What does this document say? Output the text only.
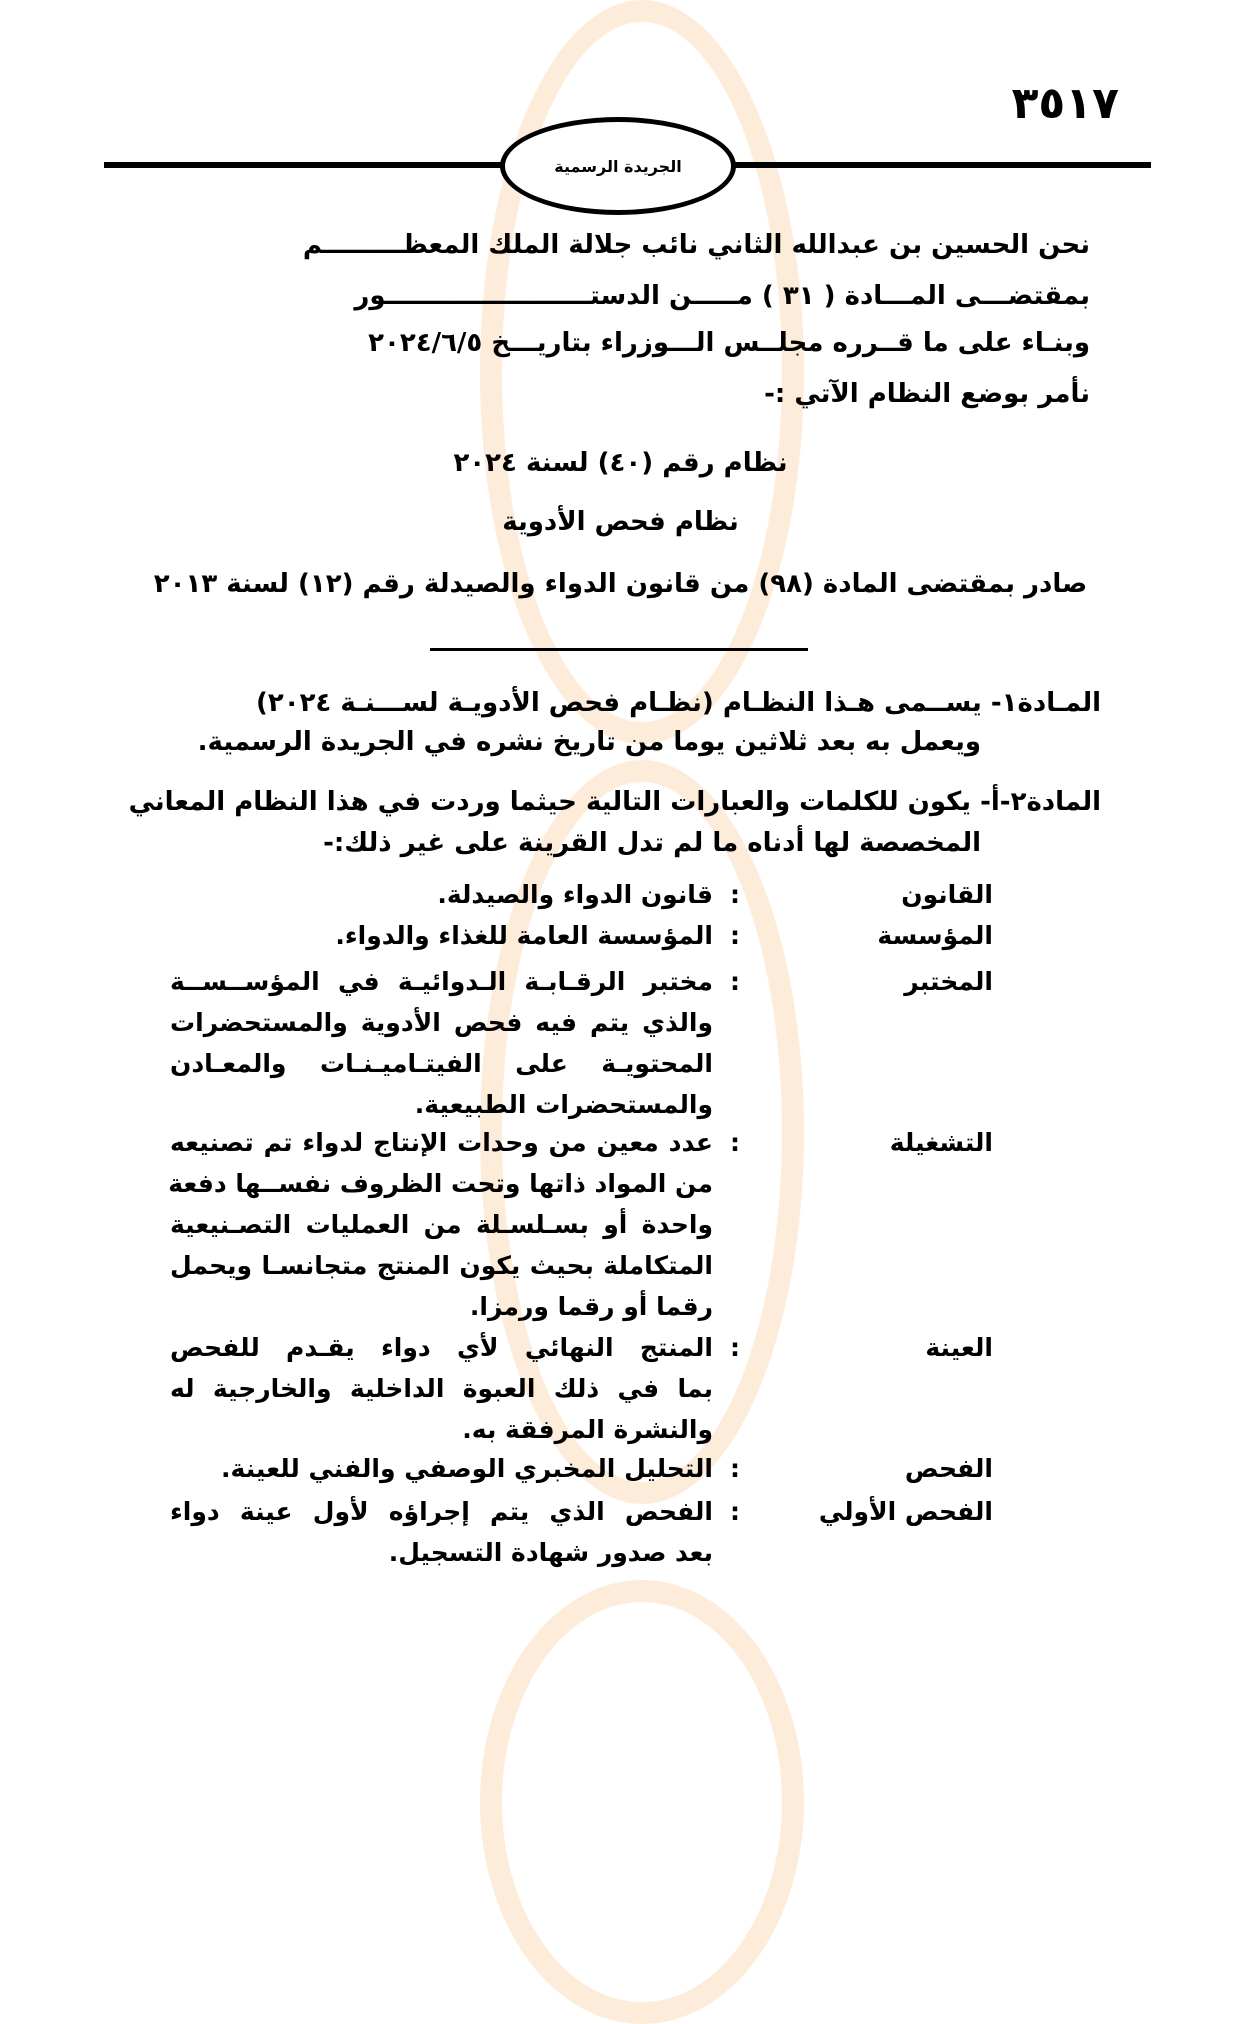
٣٥١٧
الجريدة الرسمية
نحن الحسين بن عبدالله الثاني نائب جلالة الملك المعظـــــــــم
بمقتضـــى المـــادة ( ٣١ ) مـــــن الدستـــــــــــــــــــــــور
وبنـاء على ما قــرره مجلــس الـــوزراء بتاريـــخ ٢٠٢٤/٦/٥
نأمر بوضع النظام الآتي :-
نظام رقم (٤٠) لسنة ٢٠٢٤
نظام فحص الأدوية
صادر بمقتضى المادة (٩٨) من قانون الدواء والصيدلة رقم (١٢) لسنة ٢٠١٣
المـادة١- يســمى هـذا النظـام (نظـام فحص الأدويـة لســـنـة ٢٠٢٤)
ويعمل به بعد ثلاثين يوما من تاريخ نشره في الجريدة الرسمية.
المادة٢-أ- يكون للكلمات والعبارات التالية حيثما وردت في هذا النظام المعاني
المخصصة لها أدناه ما لم تدل القرينة على غير ذلك:-
القانون
:
قانون الدواء والصيدلة.
المؤسسة
:
المؤسسة العامة للغذاء والدواء.
المختبر
:
مختبر الرقـابـة الـدوائيـة في المؤســســة
والذي يتم فيه فحص الأدوية والمستحضرات
المحتويـة على الفيتـاميـنـات والمعـادن
والمستحضرات الطبيعية.
التشغيلة
:
عدد معين من وحدات الإنتاج لدواء تم تصنيعه
من المواد ذاتها وتحت الظروف نفســها دفعة
واحدة أو بسـلسـلة من العمليات التصـنيعية
المتكاملة بحيث يكون المنتج متجانسـا ويحمل
رقما أو رقما ورمزا.
العينة
:
المنتج النهائي لأي دواء يقـدم للفحص
بما في ذلك العبوة الداخلية والخارجية له
والنشرة المرفقة به.
الفحص
:
التحليل المخبري الوصفي والفني للعينة.
الفحص الأولي
:
الفحص الذي يتم إجراؤه لأول عينة دواء
بعد صدور شهادة التسجيل.
